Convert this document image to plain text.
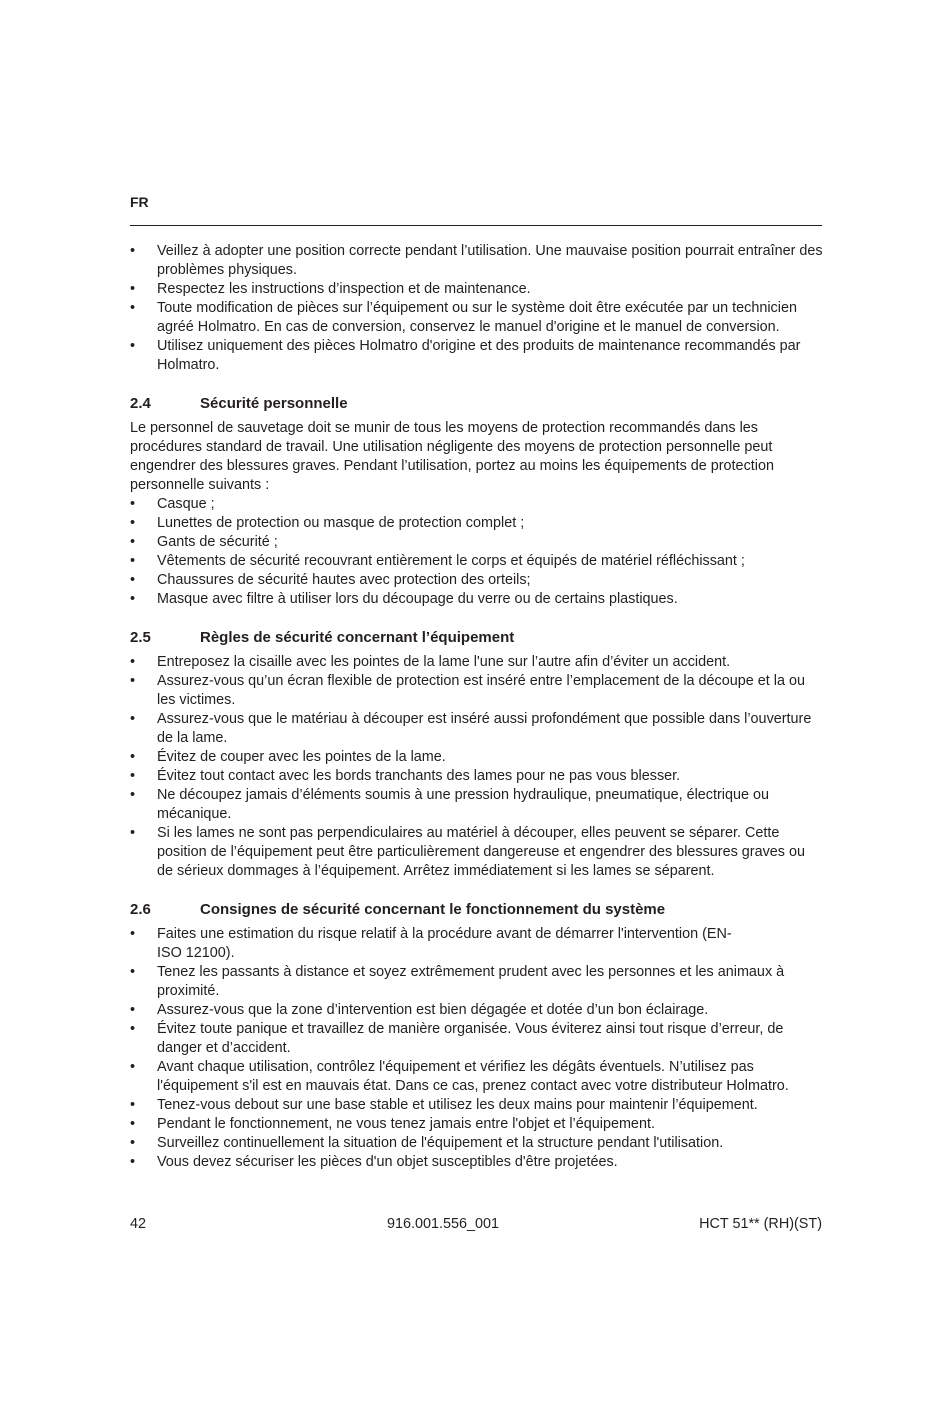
FR
• Veillez à adopter une position correcte pendant l’utilisation. Une mauvaise position pourrait entraîner des problèmes physiques.
• Respectez les instructions d’inspection et de maintenance.
• Toute modification de pièces sur l’équipement ou sur le système doit être exécutée par un technicien agréé Holmatro. En cas de conversion, conservez le manuel d'origine et le manuel de conversion.
• Utilisez uniquement des pièces Holmatro d'origine et des produits de maintenance recommandés par Holmatro.
2.4	Sécurité personnelle

Le personnel de sauvetage doit se munir de tous les moyens de protection recommandés dans les procédures standard de travail. Une utilisation négligente des moyens de protection personnelle peut engendrer des blessures graves. Pendant l’utilisation, portez au moins les équipements de protection personnelle suivants :

• Casque ;
• Lunettes de protection ou masque de protection complet ;
• Gants de sécurité ;
• Vêtements de sécurité recouvrant entièrement le corps et équipés de matériel réfléchissant ;
• Chaussures de sécurité hautes avec protection des orteils;
• Masque avec filtre à utiliser lors du découpage du verre ou de certains plastiques.
2.5	Règles de sécurité concernant l’équipement
• Entreposez la cisaille avec les pointes de la lame l'une sur l’autre afin d’éviter un accident.
• Assurez-vous qu’un écran flexible de protection est inséré entre l’emplacement de la découpe et la ou les victimes.
• Assurez-vous que le matériau à découper est inséré aussi profondément que possible dans l’ouverture de la lame.
• Évitez de couper avec les pointes de la lame.
• Évitez tout contact avec les bords tranchants des lames pour ne pas vous blesser.
• Ne découpez jamais d’éléments soumis à une pression hydraulique, pneumatique, électrique ou mécanique.
• Si les lames ne sont pas perpendiculaires au matériel à découper, elles peuvent se séparer. Cette position de l’équipement peut être particulièrement dangereuse et engendrer des blessures graves ou de sérieux dommages à l’équipement. Arrêtez immédiatement si les lames se séparent.
2.6	Consignes de sécurité concernant le fonctionnement du système
• Faites une estimation du risque relatif à la procédure avant de démarrer l'intervention (EN-
ISO 12100).
• Tenez les passants à distance et soyez extrêmement prudent avec les personnes et les animaux à proximité.
• Assurez-vous que la zone d’intervention est bien dégagée et dotée d’un bon éclairage.
• Évitez toute panique et travaillez de manière organisée. Vous éviterez ainsi tout risque d’erreur, de danger et d’accident.
• Avant chaque utilisation, contrôlez l'équipement et vérifiez les dégâts éventuels. N’utilisez pas l'équipement s'il est en mauvais état. Dans ce cas, prenez contact avec votre distributeur Holmatro.
• Tenez-vous debout sur une base stable et utilisez les deux mains pour maintenir l’équipement.
• Pendant le fonctionnement, ne vous tenez jamais entre l'objet et l’équipement.
• Surveillez continuellement la situation de l'équipement et la structure pendant l'utilisation.
• Vous devez sécuriser les pièces d'un objet susceptibles d'être projetées.
42	916.001.556_001	HCT 51** (RH)(ST)
